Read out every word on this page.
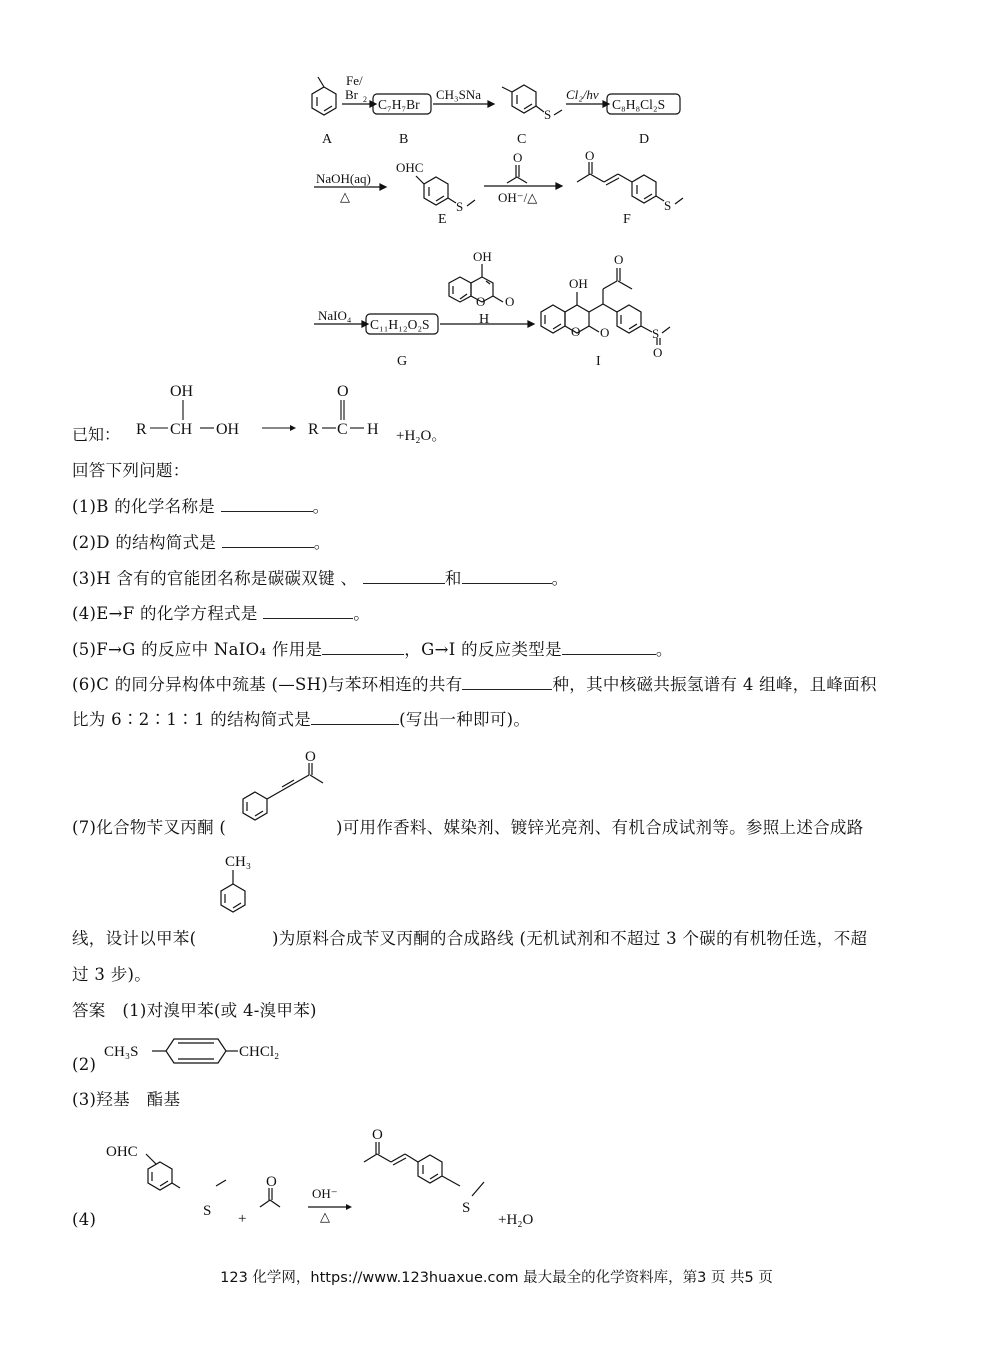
A
Fe/
Br 2 C₇H₇Br
B
CH₃SNa
S
C
Cl₂/hν
C₈H₈Cl₂S
D
NaOH(aq)
△
OHC
S
E
O
OH⁻/△
O
S
F
OH
O O
H
NaIO₄
C₁₁H₁₂O₂S
G
OH
O
O O	S
O
I
已知：
OH
R CH OH
O
R C H +H₂O。
回答下列问题：
(1)B 的化学名称是	。
(2)D 的结构简式是	。
(3)H 含有的官能团名称是碳碳双键 、	和	。
(4)E→F 的化学方程式是	。
(5)F→G 的反应中 NaIO₄ 作用是	，G→I 的反应类型是	。
(6)C 的同分异构体中巯基 (—SH)与苯环相连的共有	种，其中核磁共振氢谱有 4 组峰，且峰面积
比为 6∶2∶1∶1 的结构简式是	(写出一种即可)。
O
(7)化合物苄叉丙酮 (	)可用作香料、媒染剂、镀锌光亮剂、有机合成试剂等。参照上述合成路
CH₃
线，设计以甲苯(	)为原料合成苄叉丙酮的合成路线 (无机试剂和不超过 3 个碳的有机物任选，不超
过 3 步)。
答案　(1)对溴甲苯(或 4-溴甲苯)
(2)
CH₃S	CHCl₂
(3)羟基　酯基
(4)
OHC
S +
O
OH⁻
△
O
S
+H₂O
123 化学网，https://www.123huaxue.com 最大最全的化学资料库，第3 页 共5 页
